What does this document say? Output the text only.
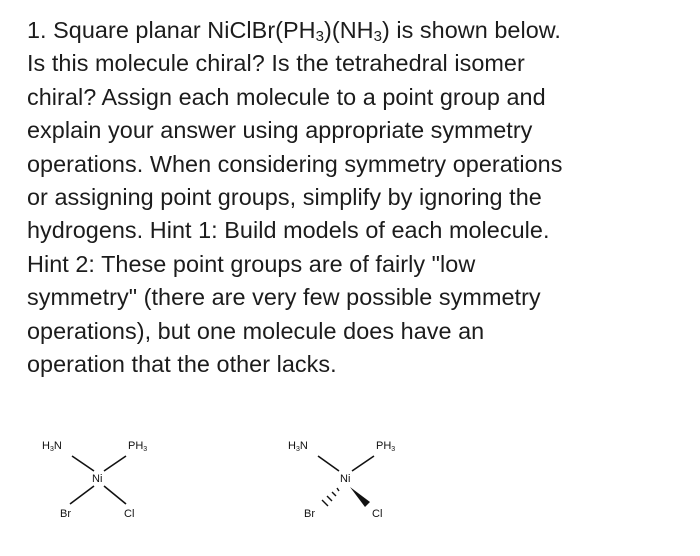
1. Square planar $NiClBr(PH_3)(NH_3)$ is shown below.
Is this molecule chiral? Is the tetrahedral isomer
chiral? Assign each molecule to a point group and
explain your answer using appropriate symmetry
operations. When considering symmetry operations
or assigning point groups, simplify by ignoring the
hydrogens. Hint 1: Build models of each molecule.
Hint 2: These point groups are of fairly "low
symmetry" (there are very few possible symmetry
operations), but one molecule does have an
operation that the other lacks.
$H_3N$	$PH_3$
Ni
Br	Cl
$H_3N$	$PH_3$
Ni
Br	Cl
